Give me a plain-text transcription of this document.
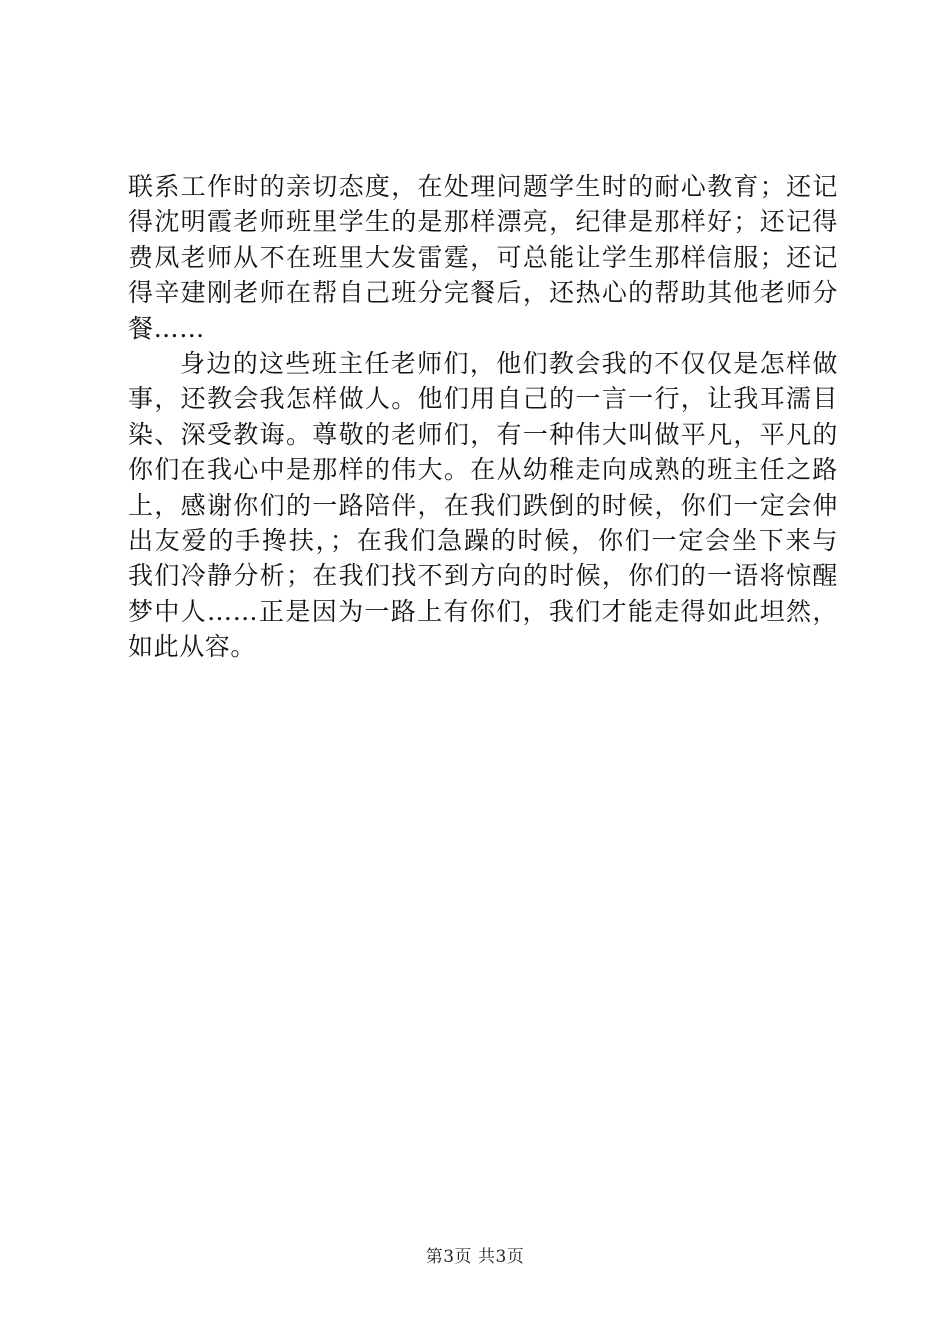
联系工作时的亲切态度，在处理问题学生时的耐心教育；还记
得沈明霞老师班里学生的是那样漂亮，纪律是那样好；还记得
费凤老师从不在班里大发雷霆，可总能让学生那样信服；还记
得辛建刚老师在帮自己班分完餐后，还热心的帮助其他老师分
餐……
身边的这些班主任老师们，他们教会我的不仅仅是怎样做
事，还教会我怎样做人。他们用自己的一言一行，让我耳濡目
染、深受教诲。尊敬的老师们，有一种伟大叫做平凡，平凡的
你们在我心中是那样的伟大。在从幼稚走向成熟的班主任之路
上，感谢你们的一路陪伴，在我们跌倒的时候，你们一定会伸
出友爱的手搀扶，；在我们急躁的时候，你们一定会坐下来与
我们冷静分析；在我们找不到方向的时候，你们的一语将惊醒
梦中人……正是因为一路上有你们，我们才能走得如此坦然，
如此从容。
第3页 共3页
